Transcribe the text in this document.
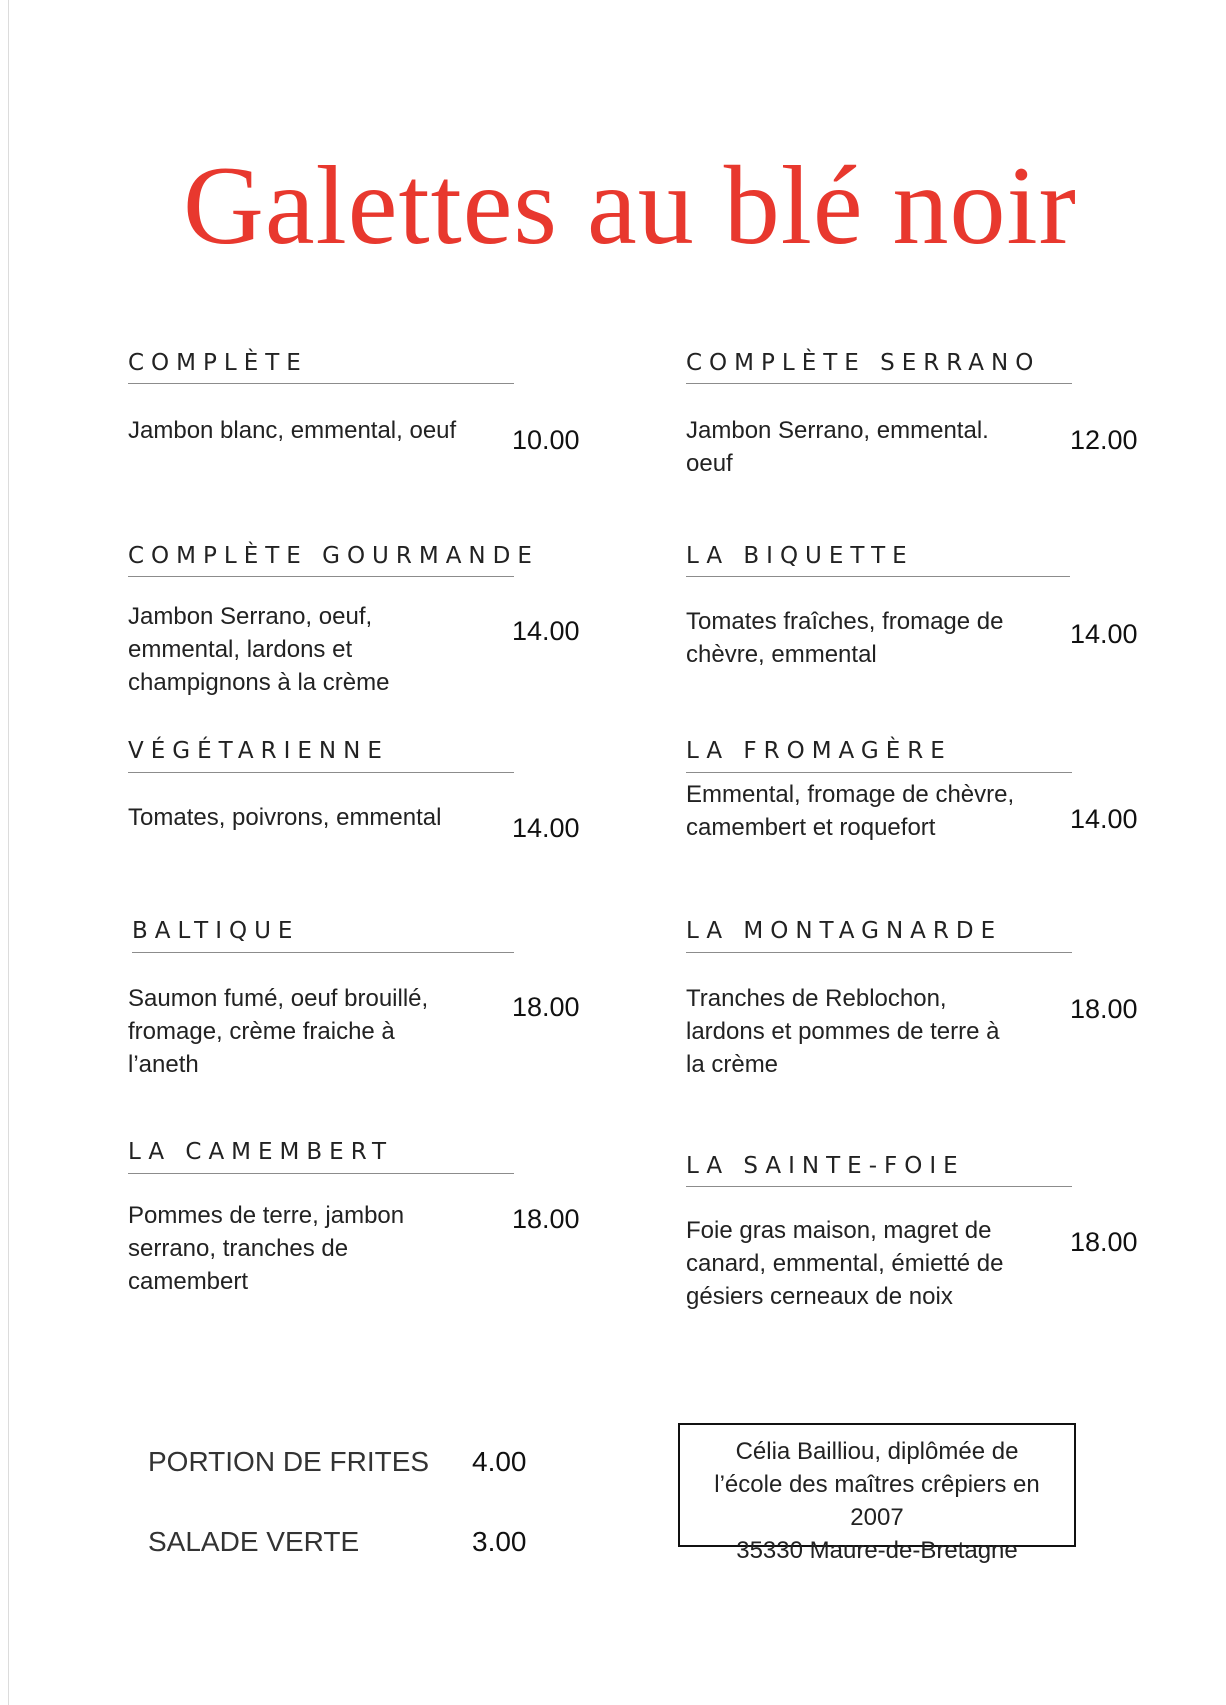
Galettes au blé noir
COMPLÈTE
Jambon blanc, emmental, oeuf 10.00
COMPLÈTE GOURMANDE
Jambon Serrano, oeuf, emmental, lardons et champignons à la crème
14.00
VÉGÉTARIENNE
Tomates, poivrons, emmental	14.00
BALTIQUE
Saumon fumé, oeuf brouillé, fromage, crème fraiche à l’aneth
18.00
LA CAMEMBERT
Pommes de terre, jambon serrano, tranches de camembert
18.00
COMPLÈTE SERRANO
Jambon Serrano, emmental. oeuf
12.00
LA BIQUETTE
Tomates fraîches, fromage de chèvre, emmental
14.00
LA FROMAGÈRE
Emmental, fromage de chèvre, camembert et roquefort	14.00
LA MONTAGNARDE
Tranches de Reblochon, lardons et pommes de terre à la crème
18.00
LA SAINTE-FOIE
Foie gras maison, magret de canard, emmental, émietté de gésiers cerneaux de noix
18.00
PORTION DE FRITES 4.00
SALADE VERTE	3.00
Célia Bailliou, diplômée de
l’école des maîtres crêpiers en
2007
35330 Maure-de-Bretagne
